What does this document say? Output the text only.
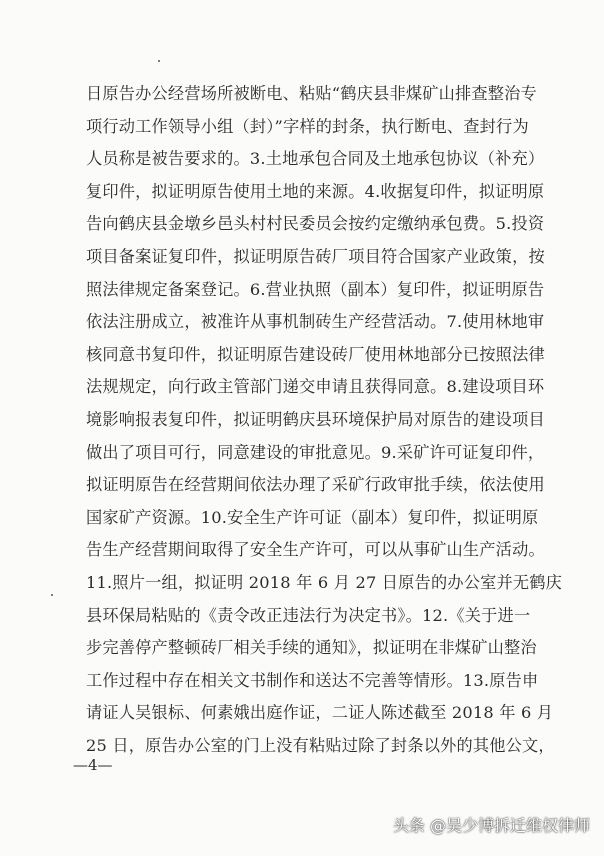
日原告办公经营场所被断电、粘贴“鹤庆县非煤矿山排查整治专
项行动工作领导小组（封）”字样的封条，执行断电、查封行为
人员称是被告要求的。3.土地承包合同及土地承包协议（补充）
复印件，拟证明原告使用土地的来源。4.收据复印件，拟证明原
告向鹤庆县金墩乡邑头村村民委员会按约定缴纳承包费。5.投资
项目备案证复印件，拟证明原告砖厂项目符合国家产业政策，按
照法律规定备案登记。6.营业执照（副本）复印件，拟证明原告
依法注册成立，被准许从事机制砖生产经营活动。7.使用林地审
核同意书复印件，拟证明原告建设砖厂使用林地部分已按照法律
法规规定，向行政主管部门递交申请且获得同意。8.建设项目环
境影响报表复印件，拟证明鹤庆县环境保护局对原告的建设项目
做出了项目可行，同意建设的审批意见。9.采矿许可证复印件，
拟证明原告在经营期间依法办理了采矿行政审批手续，依法使用
国家矿产资源。10.安全生产许可证（副本）复印件，拟证明原
告生产经营期间取得了安全生产许可，可以从事矿山生产活动。
11.照片一组，拟证明 2018 年 6 月 27 日原告的办公室并无鹤庆
县环保局粘贴的《责令改正违法行为决定书》。12.《关于进一
步完善停产整顿砖厂相关手续的通知》，拟证明在非煤矿山整治
工作过程中存在相关文书制作和送达不完善等情形。13.原告申
请证人吴银标、何素娥出庭作证，二证人陈述截至 2018 年 6 月
25 日，原告办公室的门上没有粘贴过除了封条以外的其他公文，
—4—
头条 @吴少博拆迁维权律师
